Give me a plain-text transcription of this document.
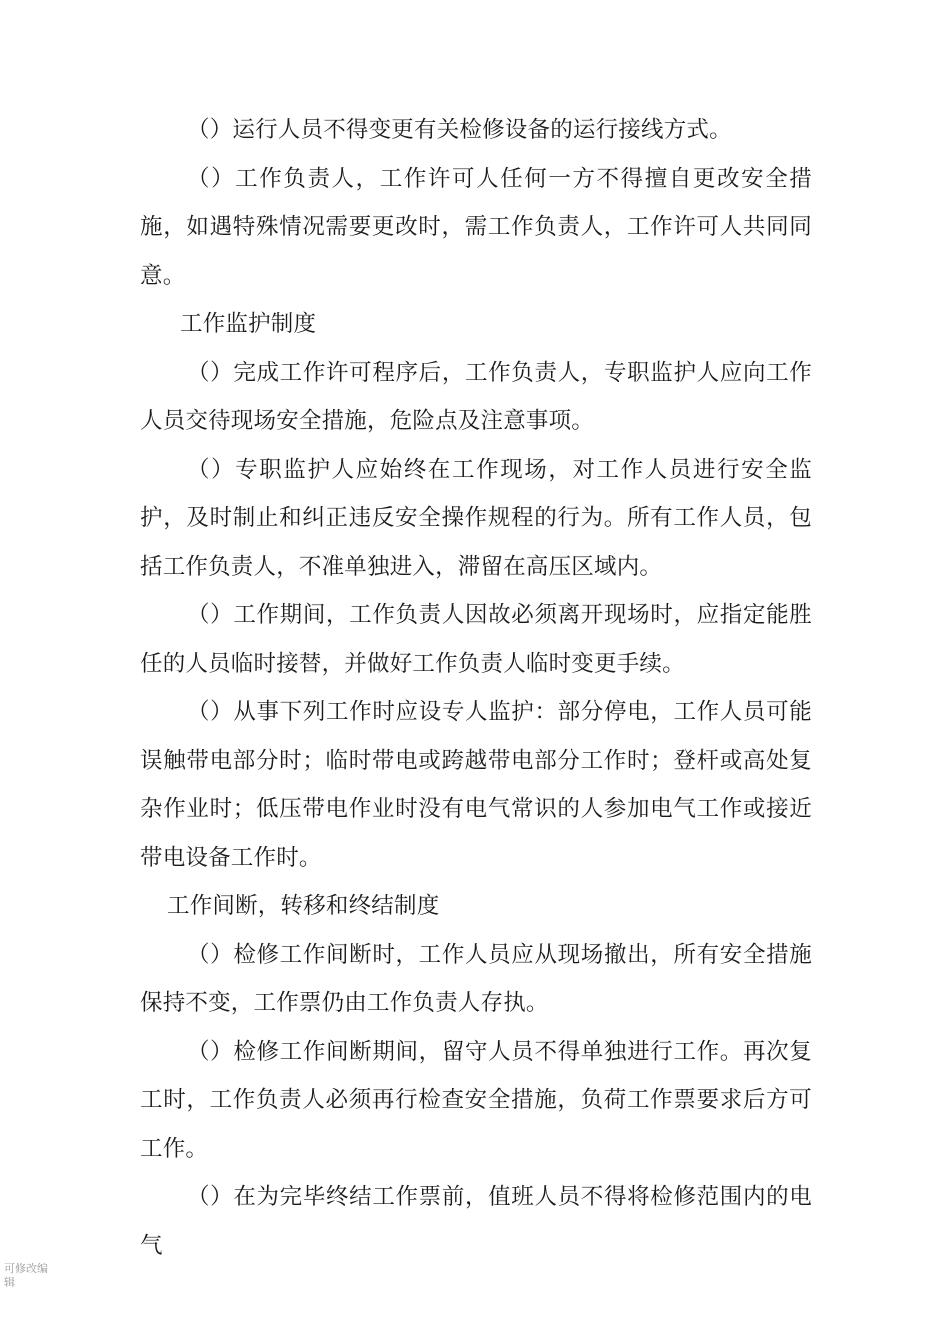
（）运行人员不得变更有关检修设备的运行接线方式。

（）工作负责人，工作许可人任何一方不得擅自更改安全措施，如遇特殊情况需要更改时，需工作负责人，工作许可人共同同意。

工作监护制度

（）完成工作许可程序后，工作负责人，专职监护人应向工作人员交待现场安全措施，危险点及注意事项。

（）专职监护人应始终在工作现场，对工作人员进行安全监护，及时制止和纠正违反安全操作规程的行为。所有工作人员，包括工作负责人，不准单独进入，滞留在高压区域内。

（）工作期间，工作负责人因故必须离开现场时，应指定能胜任的人员临时接替，并做好工作负责人临时变更手续。

（）从事下列工作时应设专人监护：部分停电，工作人员可能误触带电部分时；临时带电或跨越带电部分工作时；登杆或高处复杂作业时；低压带电作业时没有电气常识的人参加电气工作或接近带电设备工作时。

工作间断，转移和终结制度

（）检修工作间断时，工作人员应从现场撤出，所有安全措施保持不变，工作票仍由工作负责人存执。

（）检修工作间断期间，留守人员不得单独进行工作。再次复工时，工作负责人必须再行检查安全措施，负荷工作票要求后方可工作。

（）在为完毕终结工作票前，值班人员不得将检修范围内的电气

可修改编辑
